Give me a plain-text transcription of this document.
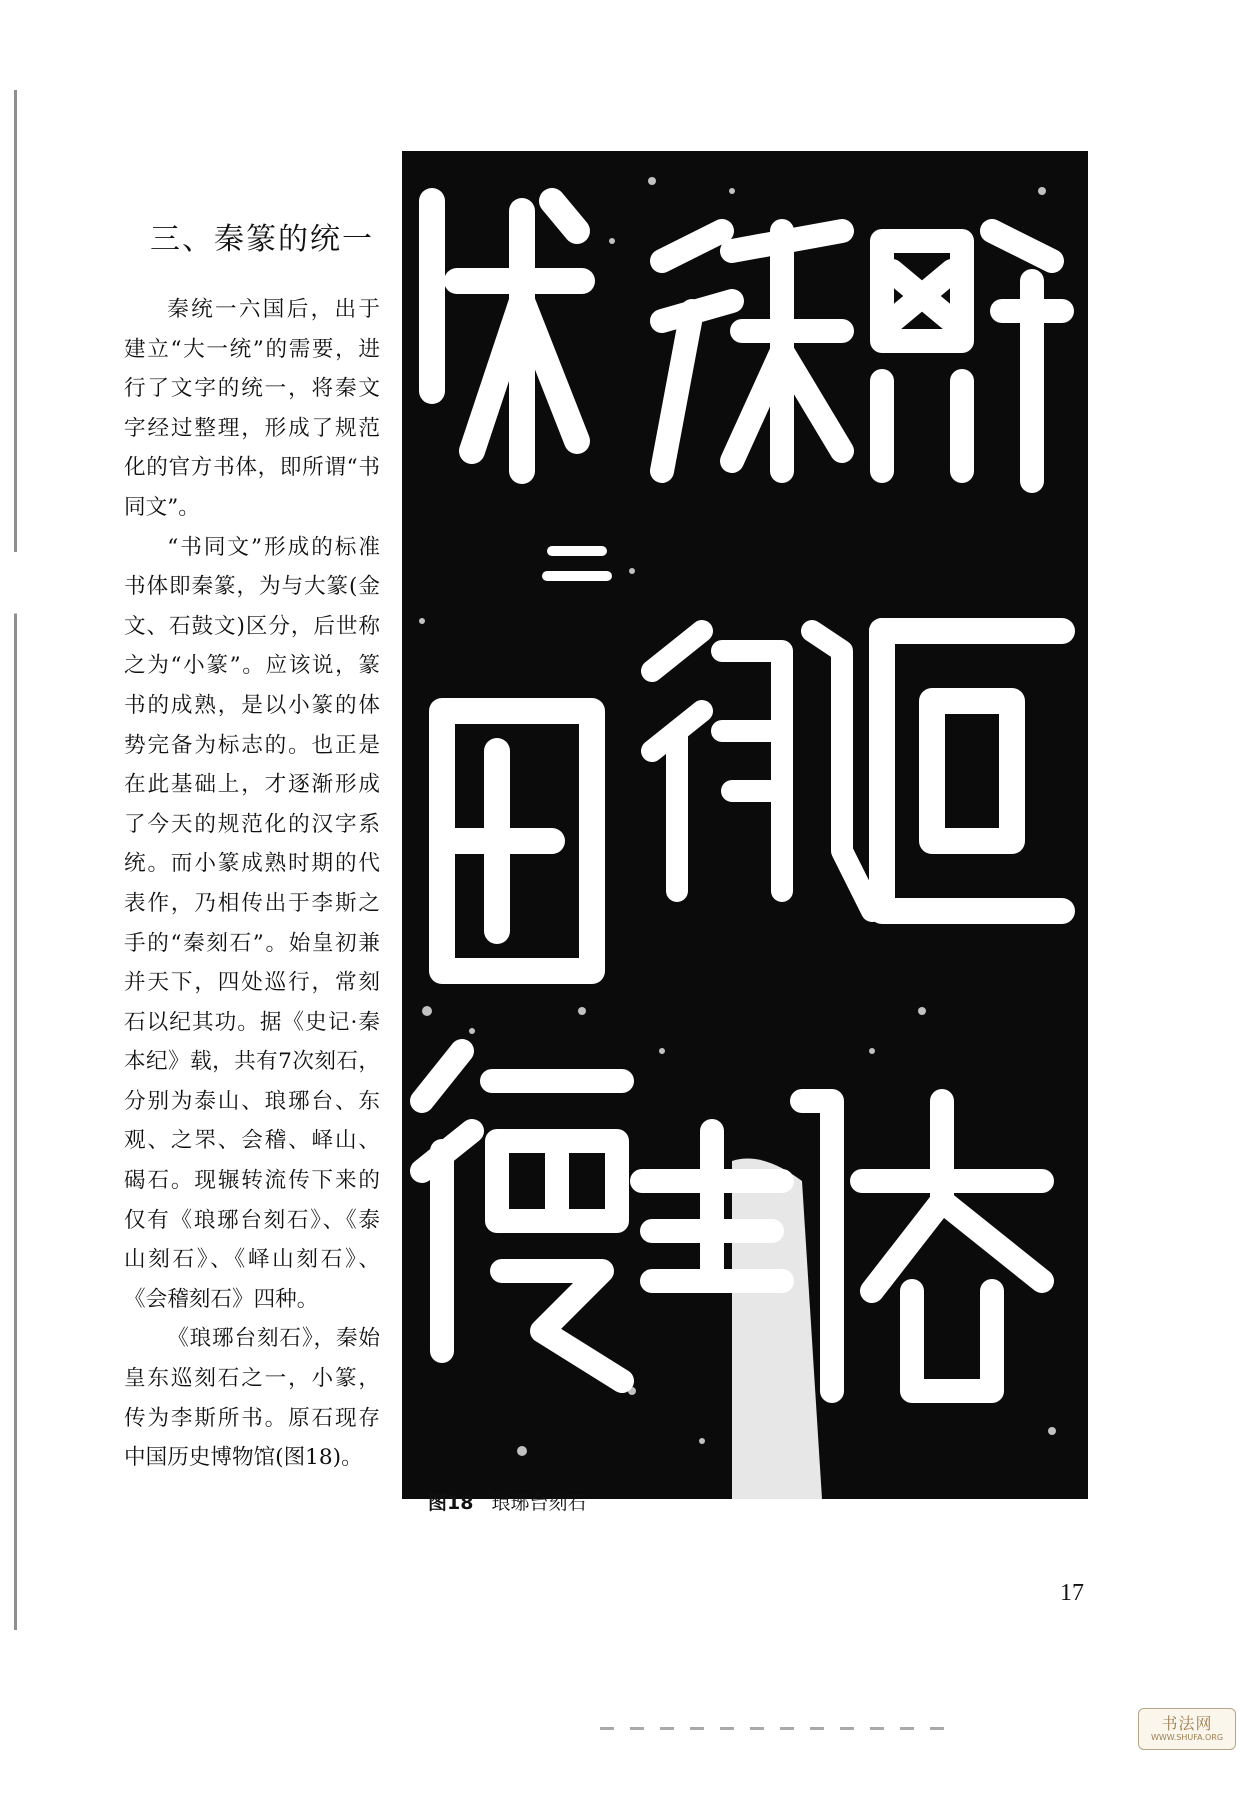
三、秦篆的统一

秦统一六国后，出于建立“大一统”的需要，进行了文字的统一，将秦文字经过整理，形成了规范化的官方书体，即所谓“书同文”。

“书同文”形成的标准书体即秦篆，为与大篆(金文、石鼓文)区分，后世称之为“小篆”。应该说，篆书的成熟，是以小篆的体势完备为标志的。也正是在此基础上，才逐渐形成了今天的规范化的汉字系统。而小篆成熟时期的代表作，乃相传出于李斯之手的“秦刻石”。始皇初兼并天下，四处巡行，常刻石以纪其功。据《史记·秦本纪》载，共有7次刻石，分别为泰山、琅琊台、东观、之罘、会稽、峄山、碣石。现辗转流传下来的仅有《琅琊台刻石》、《泰山刻石》、《峄山刻石》、《会稽刻石》四种。

《琅琊台刻石》，秦始皇东巡刻石之一，小篆，传为李斯所书。原石现存中国历史博物馆(图18)。

图18 琅琊台刻石
17
书法网
WWW.SHUFA.ORG
